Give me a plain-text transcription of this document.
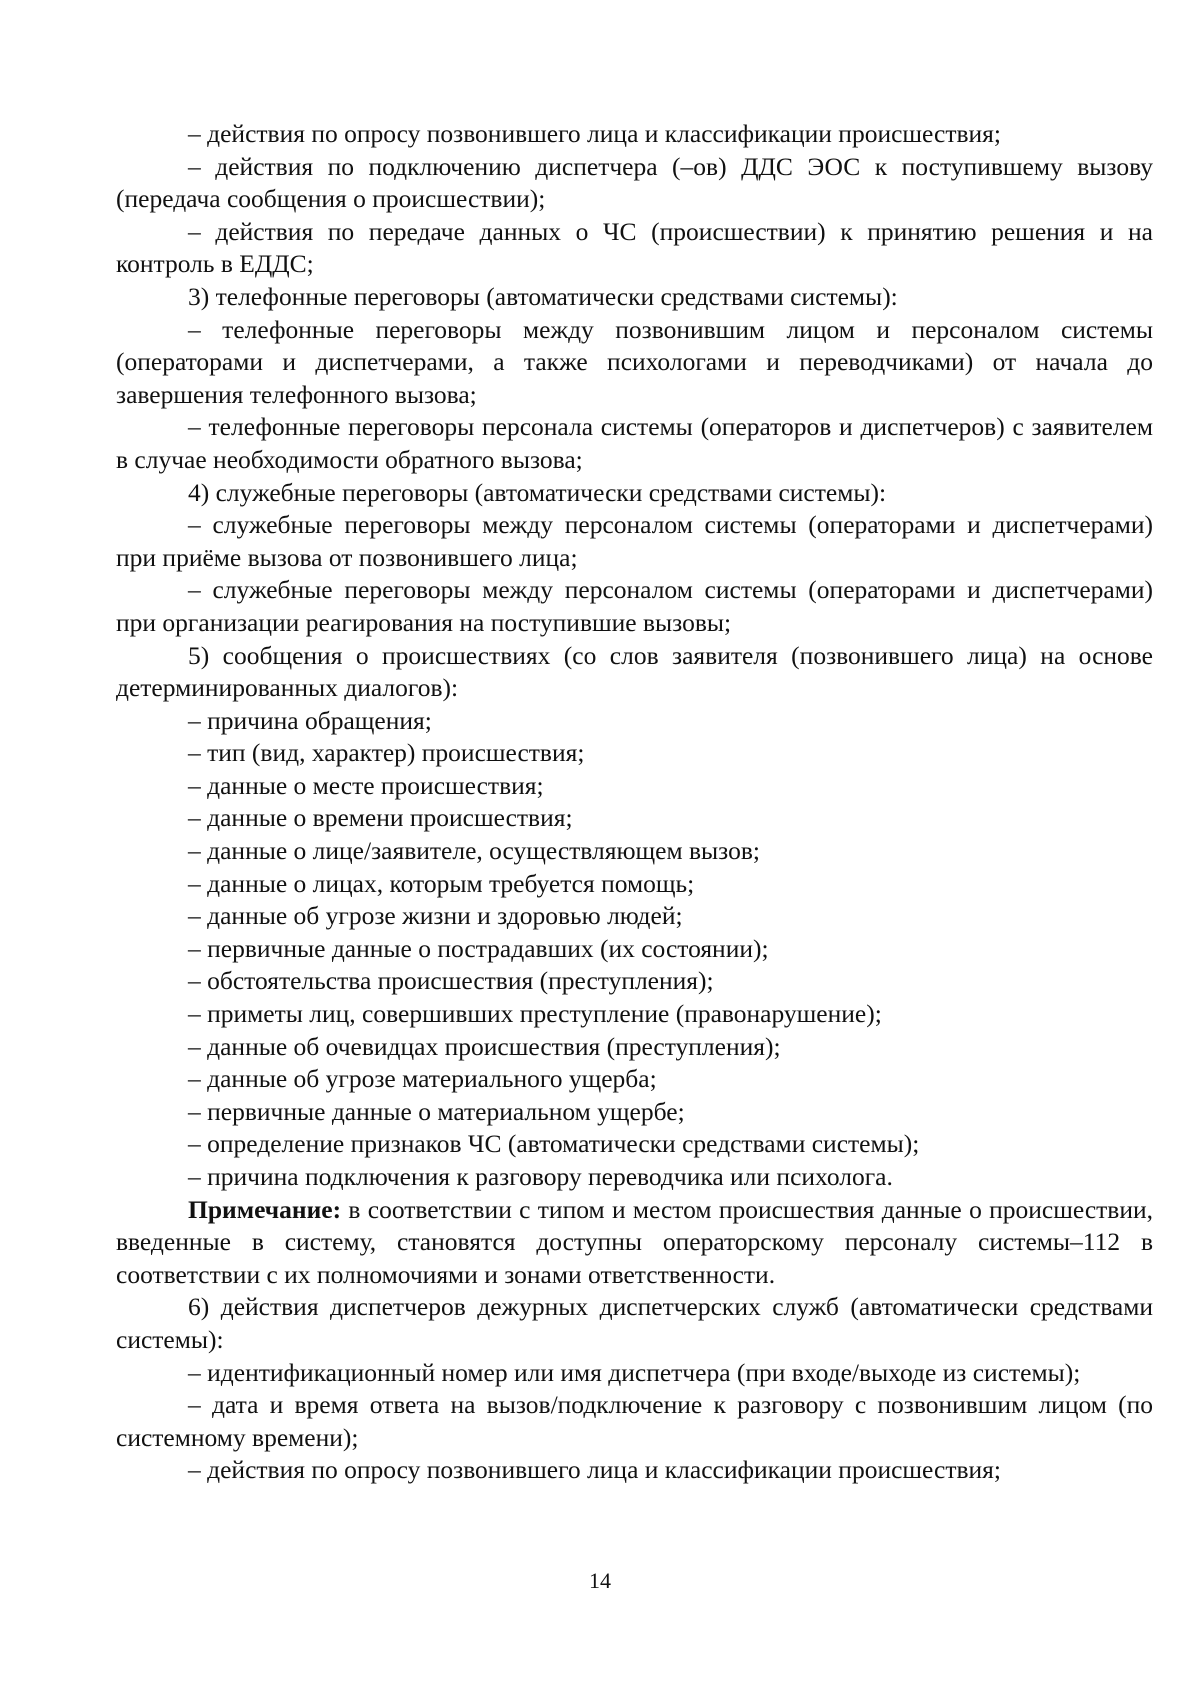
– действия по опросу позвонившего лица и классификации происшествия;

– действия по подключению диспетчера (–ов) ДДС ЭОС к поступившему вызову (передача сообщения о происшествии);

– действия по передаче данных о ЧС (происшествии) к принятию решения и на контроль в ЕДДС;

3) телефонные переговоры (автоматически средствами системы):

– телефонные переговоры между позвонившим лицом и персоналом системы (операторами и диспетчерами, а также психологами и переводчиками) от начала до завершения телефонного вызова;

– телефонные переговоры персонала системы (операторов и диспетчеров) с заявителем в случае необходимости обратного вызова;

4) служебные переговоры (автоматически средствами системы):

– служебные переговоры между персоналом системы (операторами и диспетчерами) при приёме вызова от позвонившего лица;

– служебные переговоры между персоналом системы (операторами и диспетчерами) при организации реагирования на поступившие вызовы;

5) сообщения о происшествиях (со слов заявителя (позвонившего лица) на основе детерминированных диалогов):

– причина обращения;

– тип (вид, характер) происшествия;

– данные о месте происшествия;

– данные о времени происшествия;

– данные о лице/заявителе, осуществляющем вызов;

– данные о лицах, которым требуется помощь;

– данные об угрозе жизни и здоровью людей;

– первичные данные о пострадавших (их состоянии);

– обстоятельства происшествия (преступления);

– приметы лиц, совершивших преступление (правонарушение);

– данные об очевидцах происшествия (преступления);

– данные об угрозе материального ущерба;

– первичные данные о материальном ущербе;

– определение признаков ЧС (автоматически средствами системы);

– причина подключения к разговору переводчика или психолога.

Примечание: в соответствии с типом и местом происшествия данные о происшествии, введенные в систему, становятся доступны операторскому персоналу системы–112 в соответствии с их полномочиями и зонами ответственности.

6) действия диспетчеров дежурных диспетчерских служб (автоматически средствами системы):

– идентификационный номер или имя диспетчера (при входе/выходе из системы);

– дата и время ответа на вызов/подключение к разговору с позвонившим лицом (по системному времени);

– действия по опросу позвонившего лица и классификации происшествия;

14
